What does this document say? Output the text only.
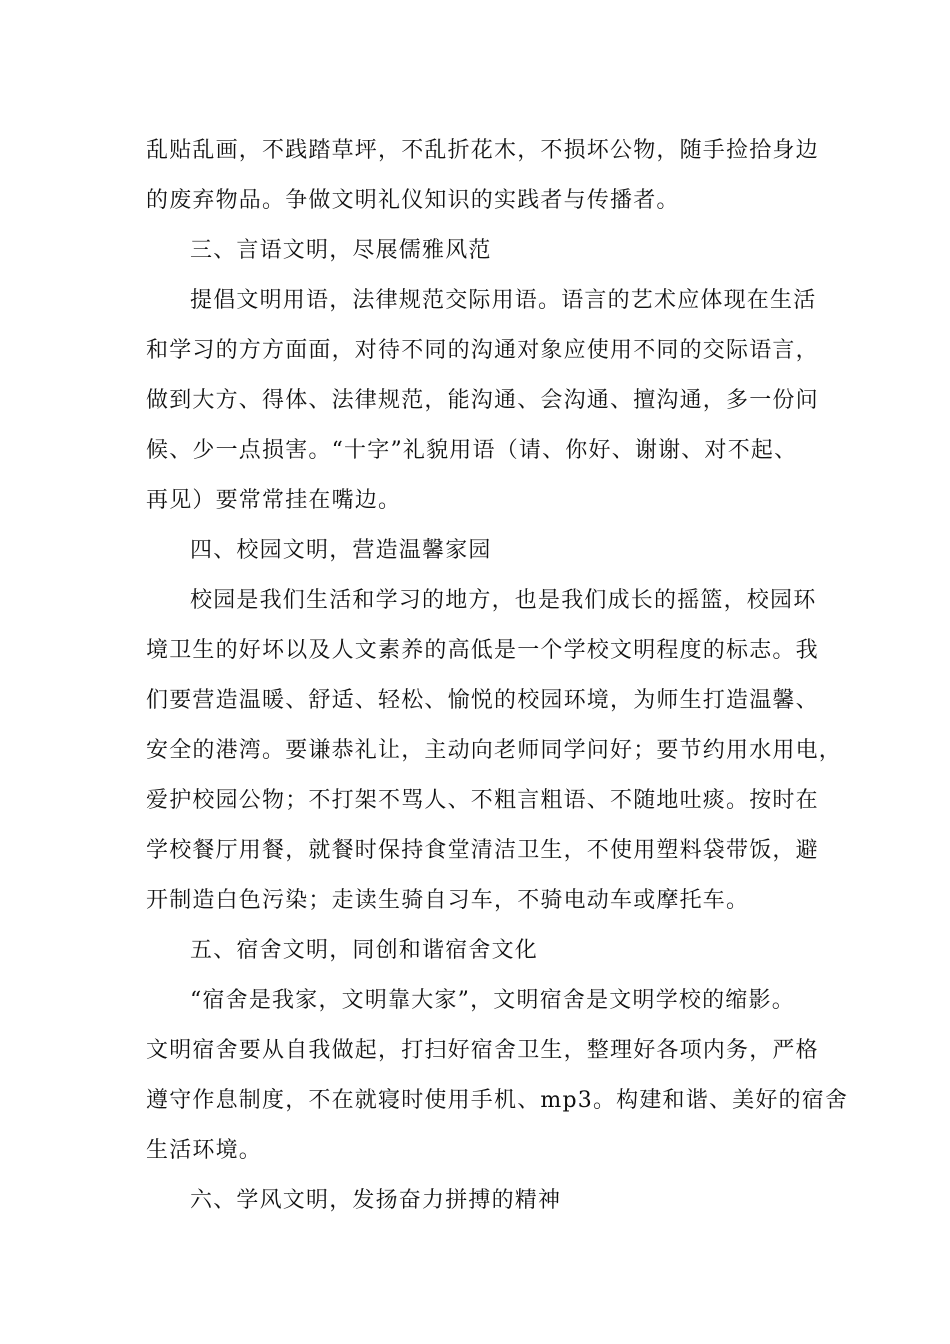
乱贴乱画，不践踏草坪，不乱折花木，不损坏公物，随手捡拾身边
的废弃物品。争做文明礼仪知识的实践者与传播者。
三、言语文明，尽展儒雅风范
提倡文明用语，法律规范交际用语。语言的艺术应体现在生活
和学习的方方面面，对待不同的沟通对象应使用不同的交际语言，
做到大方、得体、法律规范，能沟通、会沟通、擅沟通，多一份问
候、少一点损害。“十字”礼貌用语（请、你好、谢谢、对不起、
再见）要常常挂在嘴边。
四、校园文明，营造温馨家园
校园是我们生活和学习的地方，也是我们成长的摇篮，校园环
境卫生的好坏以及人文素养的高低是一个学校文明程度的标志。我
们要营造温暖、舒适、轻松、愉悦的校园环境，为师生打造温馨、
安全的港湾。要谦恭礼让，主动向老师同学问好；要节约用水用电，
爱护校园公物；不打架不骂人、不粗言粗语、不随地吐痰。按时在
学校餐厅用餐，就餐时保持食堂清洁卫生，不使用塑料袋带饭，避
开制造白色污染；走读生骑自习车，不骑电动车或摩托车。
五、宿舍文明，同创和谐宿舍文化
“宿舍是我家，文明靠大家”，文明宿舍是文明学校的缩影。
文明宿舍要从自我做起，打扫好宿舍卫生，整理好各项内务，严格
遵守作息制度，不在就寝时使用手机、mp3。构建和谐、美好的宿舍
生活环境。
六、学风文明，发扬奋力拼搏的精神
